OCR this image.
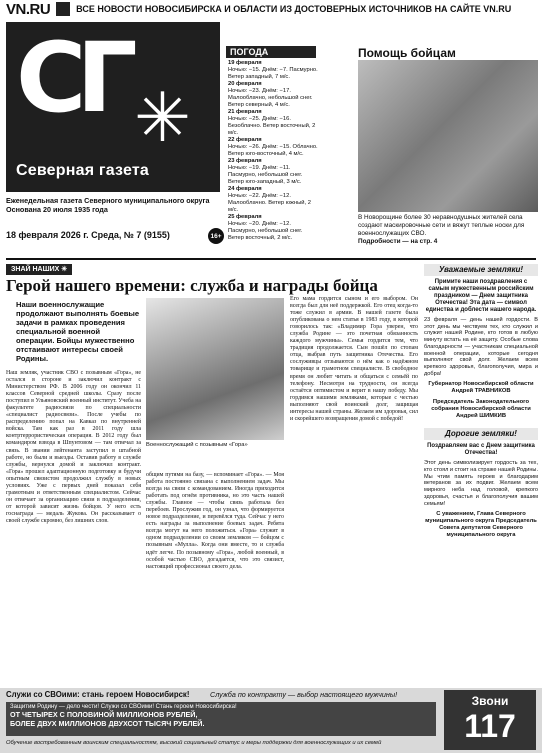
VN.RU	ВСЕ НОВОСТИ НОВОСИБИРСКА И ОБЛАСТИ ИЗ ДОСТОВЕРНЫХ ИСТОЧНИКОВ НА САЙТЕ VN.RU
СГ ✳
Северная газета
Еженедельная газета Северного муниципального округа
Основана 20 июля 1935 года
16+
18 февраля 2026 г. Среда, № 7 (9155)
ПОГОДА
19 февраля
Ночью: −15. Днём: −7. Пасмурно. Ветер западный, 7 м/с.
20 февраля
Ночью: −23. Днём: −17. Малооблачно, небольшой снег. Ветер северный, 4 м/с.
21 февраля
Ночью: −25. Днём: −16. Безоблачно. Ветер восточный, 2 м/с.
22 февраля
Ночью: −26. Днём: −15. Облачно. Ветер юго-восточный, 4 м/с.
23 февраля
Ночью: −19. Днём: −11. Пасмурно, небольшой снег. Ветер юго-западный, 3 м/с.
24 февраля
Ночью: −22. Днём: −12. Малооблачно. Ветер южный, 2 м/с.
25 февраля
Ночью: −20. Днём: −12. Пасмурно, небольшой снег. Ветер восточный, 2 м/с.
Помощь бойцам
В Новорощине более 30 неравнодушных жителей села создают маскировочные сети и вяжут теплые носки для военнослужащих СВО.
Подробности — на стр. 4
ЗНАЙ НАШИХ ✳
Герой нашего времени: служба и награды бойца
Наши военнослужащие продолжают выполнять боевые задачи в рамках проведения специальной военной операции. Бойцы мужественно отстаивают интересы своей Родины.
Наш земляк, участник СВО с позывным «Гора», не остался в стороне и заключил контракт с Министерством РФ. В 2006 году он окончил 11 классов Северной средней школы. Сразу после поступил в Ульяновский военный институт. Учеба на факультете радиосвязи по специальности «специалист радиосвязи». После учебы по распределению попал на Кавказ по внутренней войска. Там как раз в 2011 году шла контртеррористическая операция. В 2012 году был командиром взвода в Шпунтовом — там отвечал за связь. В звании лейтенанта заступил в штабной работе, но были и выезды. Оставив работу в службе службы, вернулся домой и заключил контракт. «Гора» прошел адаптационную подготовку и будучи опытным связистом продолжил службу в новых условиях. Уже с первых дней показал себя грамотным и ответственным специалистом. Сейчас он отвечает за организацию связи в подразделении, от которой зависит жизнь бойцов. У него есть госнаграда — медаль Жукова. Он рассказывает о своей службе скромно, без лишних слов.
Военнослужащий с позывным «Гора»
общим путями на базу, — вспоминает «Гора». — Моя работа постоянно связана с выполнением задач. Мы всегда на связи с командованием. Иногда приходится работать под огнём противника, но это часть нашей службы. Главное — чтобы связь работала без перебоев. Прослужив год, он узнал, что формируется новое подразделение, и перевёлся туда. Сейчас у него есть награды за выполнение боевых задач. Ребята всегда могут на него положиться. «Гора» служит в одном подразделении со своим земляком — бойцом с позывным «Мулла». Когда они вместе, то и служба идёт легче. По позывному «Гора», любой военный, в особой частью СВО, догадается, что это связист, настоящий профессионал своего дела.
Его мама гордится сыном и его выбором. Он всегда был для неё поддержкой. Его отец когда-то тоже служил в армии. В нашей газете была опубликована о нем статья в 1983 году, в которой говорилось так: «Владимир Гора уверен, что служба Родине — это почетная обязанность каждого мужчины». Семья гордится тем, что традиция продолжается. Сын пошёл по стопам отца, выбрав путь защитника Отечества. Его сослуживцы отзываются о нём как о надёжном товарище и грамотном специалисте. В свободное время он любит читать и общаться с семьёй по телефону. Несмотря на трудности, он всегда остаётся оптимистом и верит в нашу победу. Мы гордимся нашими земляками, которые с честью выполняют свой воинский долг, защищая интересы нашей страны. Желаем им здоровья, сил и скорейшего возвращения домой с победой!
Уважаемые земляки!
Примите наши поздравления с самым мужественным российским праздником — Днем защитника Отечества! Эта дата — символ единства и доблести нашего народа.
23 февраля — день нашей гордости. В этот день мы чествуем тех, кто служил и служит нашей Родине, кто готов в любую минуту встать на её защиту. Особые слова благодарности — участникам специальной военной операции, которые сегодня выполняют свой долг. Желаем всем крепкого здоровья, благополучия, мира и добра!
Губернатор Новосибирской области Андрей ТРАВНИКОВ
Председатель Законодательного собрания Новосибирской области Андрей ШИМКИВ
Дорогие земляки!
Поздравляем вас с Днем защитника Отечества!
Этот день символизирует гордость за тех, кто стоял и стоит на страже нашей Родины. Мы чтим память героев и благодарим ветеранов за их подвиг. Желаем всем мирного неба над головой, крепкого здоровья, счастья и благополучия вашим семьям!
С уважением, Глава Северного муниципального округа Председатель Совета депутатов Северного муниципального округа
Служи со СВОими: стань героем Новосибирск!	Служба по контракту — выбор настоящего мужчины!
Защитим Родину — дело чести! Служи со СВОими! Стань героем Новосибирска!
ОТ ЧЕТЫРЕХ С ПОЛОВИНОЙ МИЛЛИОНОВ РУБЛЕЙ,
БОЛЕЕ ДВУХ МИЛЛИОНОВ ДВУХСОТ ТЫСЯЧ РУБЛЕЙ.
Звони
117
Обучение востребованным воинским специальностям, высокий социальный статус и меры поддержки для военнослужащих и их семей
